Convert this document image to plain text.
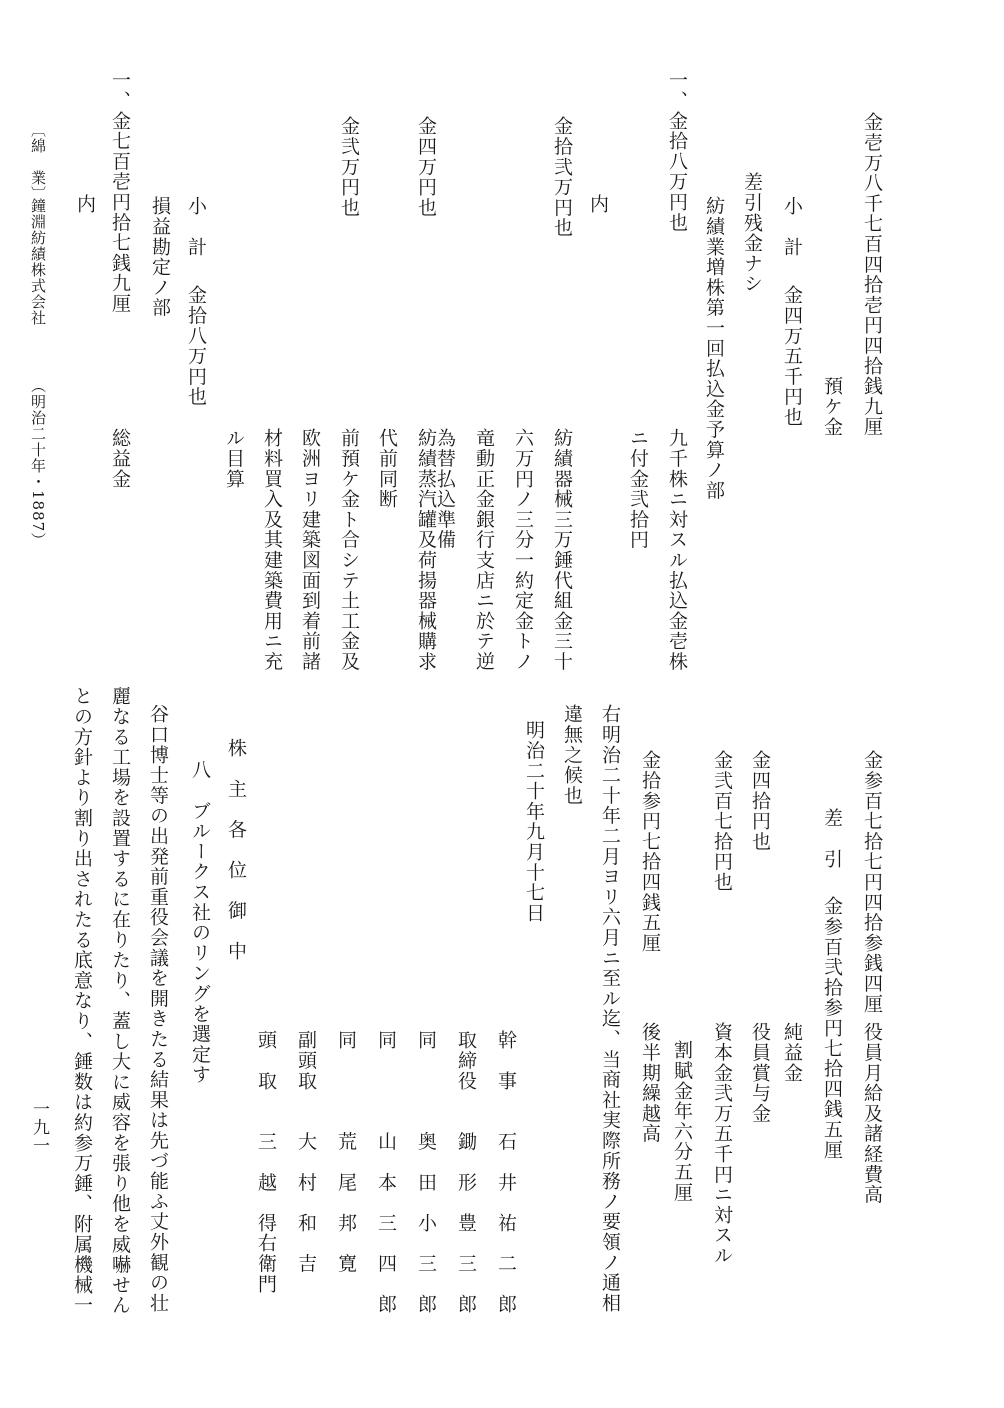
金壱万八千七百四拾壱円四拾銭九厘
預ケ金
小　計
金四万五千円也
差引残金ナシ
紡績業増株第一回払込金予算ノ部
一、金拾八万円也
九千株ニ対スル払込金壱株
ニ付金弐拾円
内
金拾弐万円也
紡績器械三万錘代組金三十
六万円ノ三分一約定金トノ
竜動正金銀行支店ニ於テ逆
為替払込準備
金四万円也
紡績蒸汽罐及荷揚器械購求
代前同断
金弐万円也
前預ケ金ト合シテ土工金及
欧洲ヨリ建築図面到着前諸
材料買入及其建築費用ニ充
ル目算
小　計
金拾八万円也
損益勘定ノ部
一、金七百壱円拾七銭九厘
総益金
内
〔綿　業〕
鐘淵紡績株式会社
（明治二十年・1887）
金参百七拾七円四拾参銭四厘
役員月給及諸経費高
差　引
金参百弐拾参円七拾四銭五厘
純益金
金四拾円也
役員賞与金
金弐百七拾円也
資本金弐万五千円ニ対スル
割賦金年六分五厘
金拾参円七拾四銭五厘
後半期繰越高
右明治二十年二月ヨリ六月ニ至ル迄、当商社実際所務ノ要領ノ通相
違無之候也
明治二十年九月十七日
幹　事　　石　井　祐　二　郎
取締役　　鋤　形　豊　三　郎
同　　　　奥　田　小　三　郎
同　　　　山　本　三　四　郎
同　　　　荒　尾　邦　寛
副頭取　　大　村　和　吉
頭　取　　三　越　得右衛門
株　主　各　位　御　中
八　ブルークス社のリングを選定す
谷口博士等の出発前重役会議を開きたる結果は先づ能ふ丈外観の壮
麗なる工場を設置するに在りたり、蓋し大に威容を張り他を威嚇せん
との方針より割り出されたる底意なり、錘数は約参万錘、附属機械一
一九一
